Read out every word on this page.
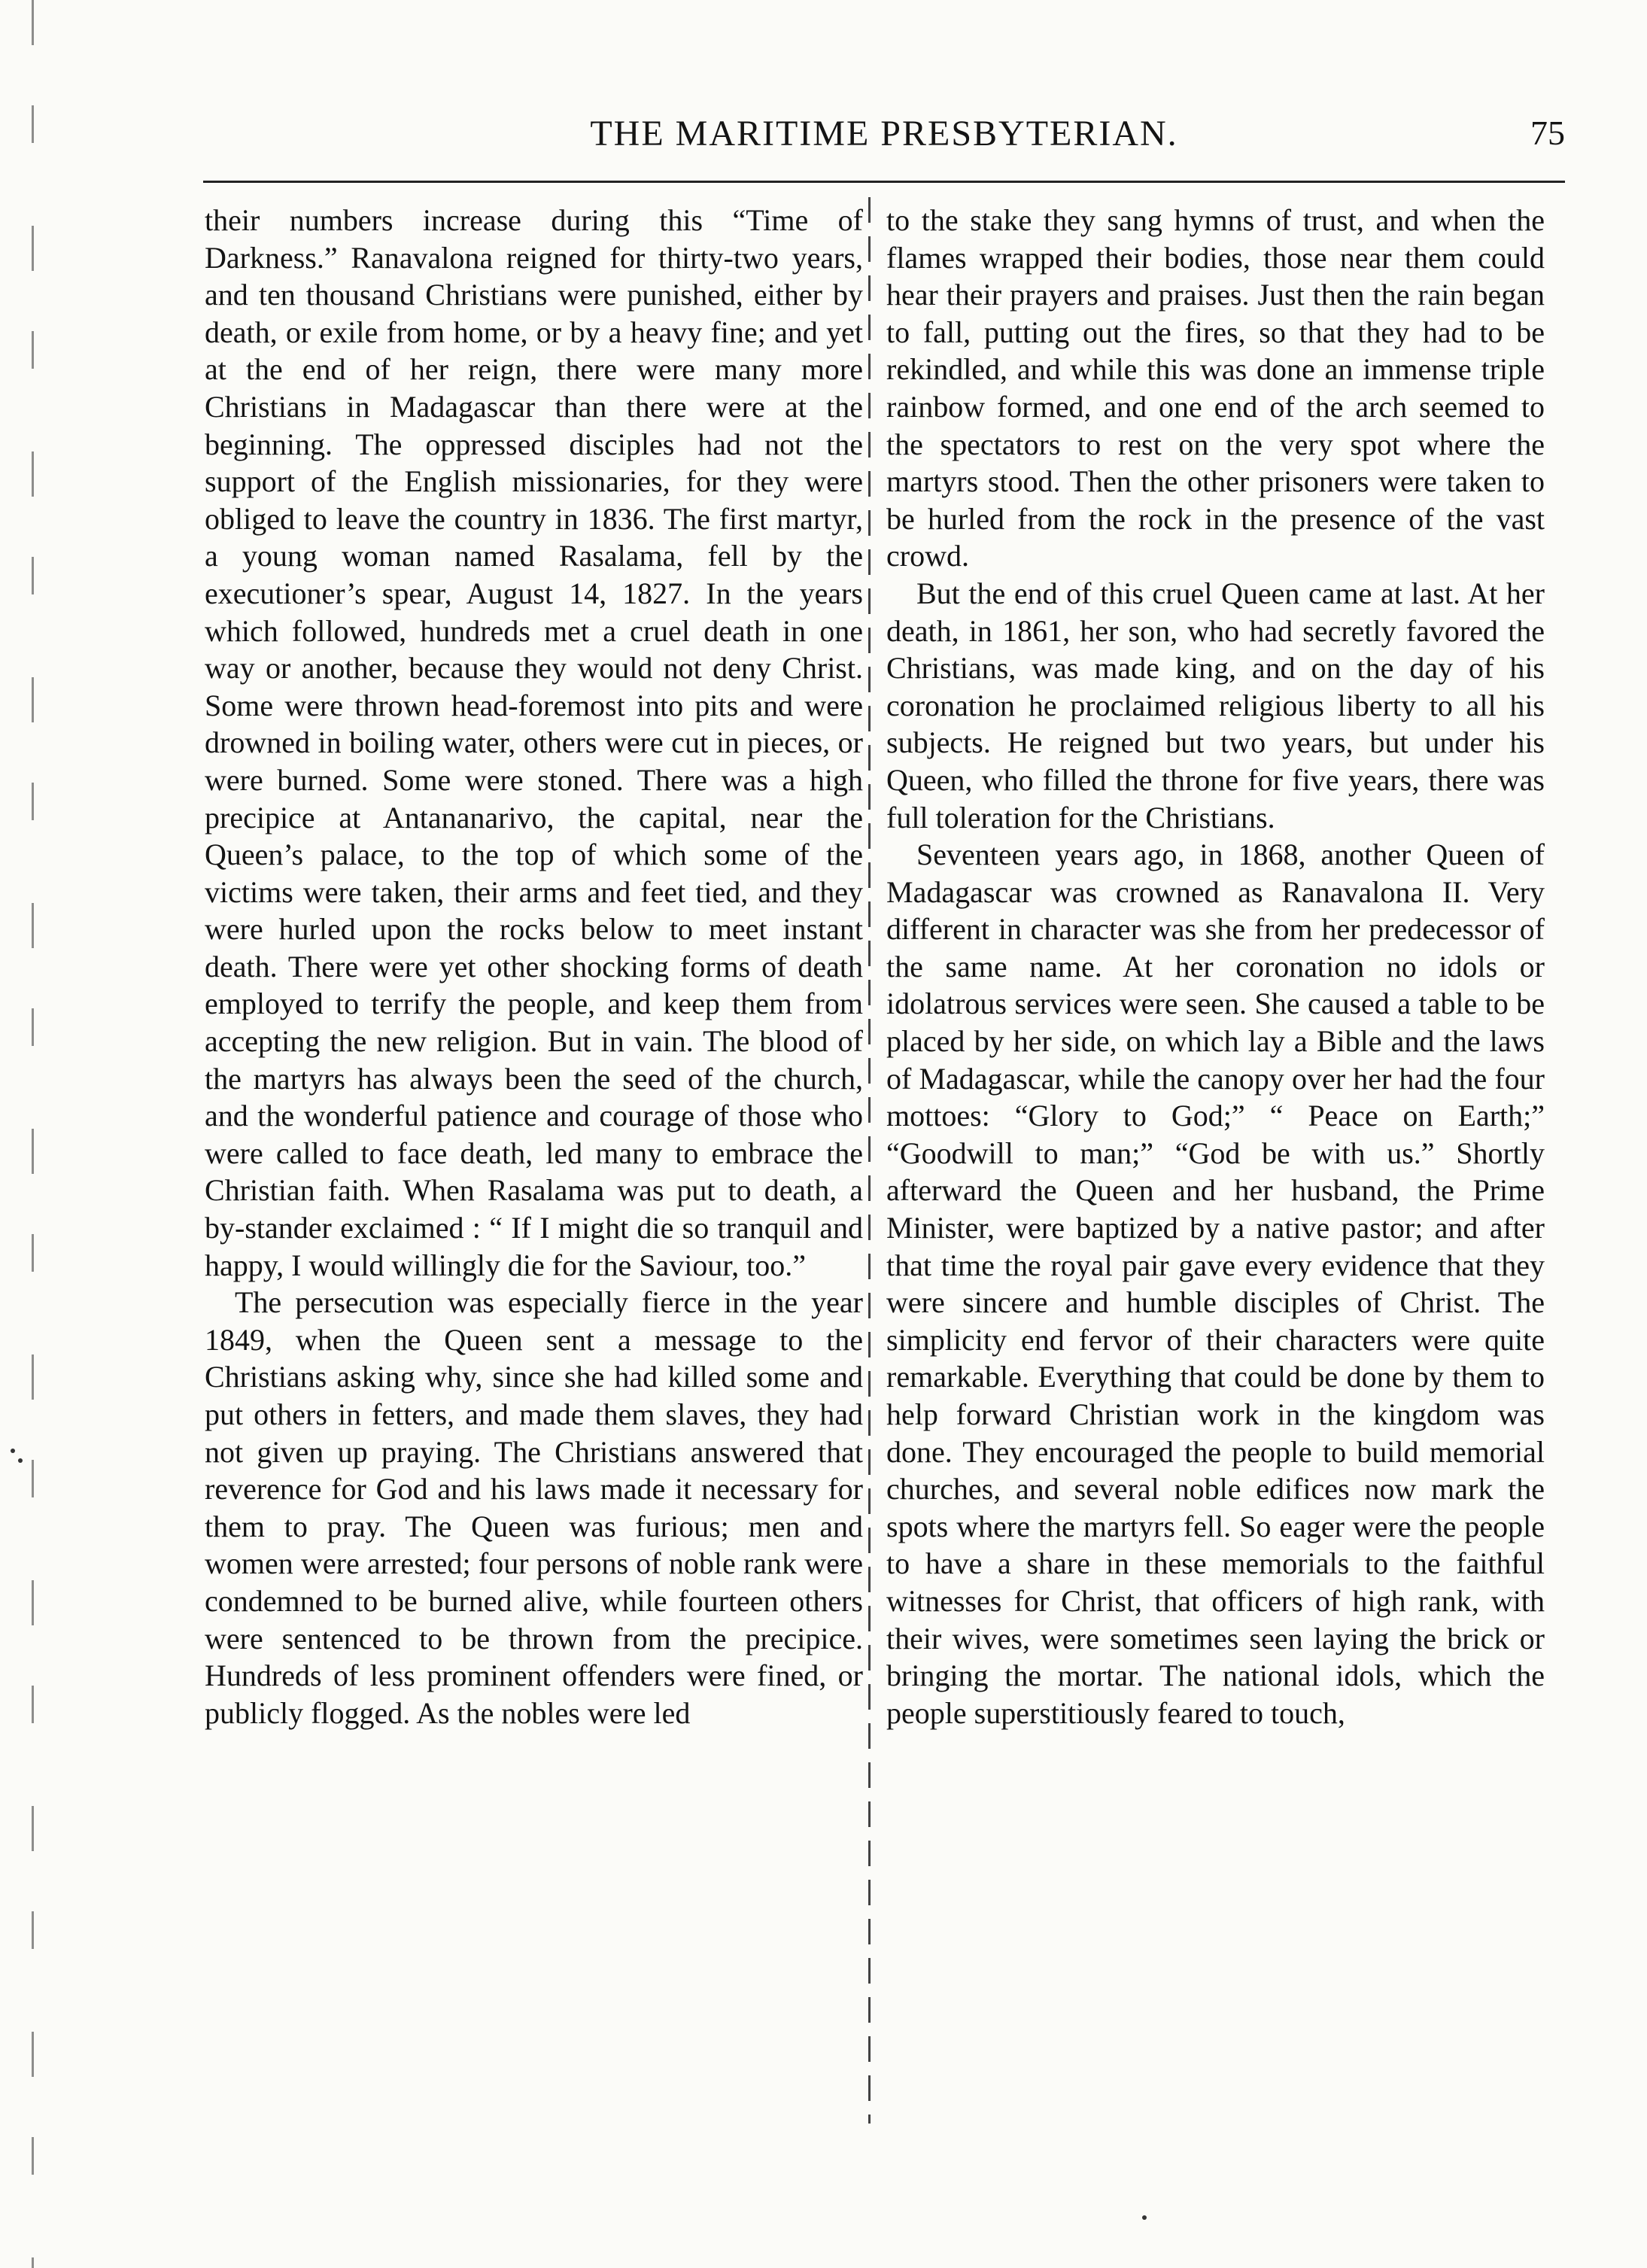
THE MARITIME PRESBYTERIAN.	75

their numbers increase during this “Time of Darkness.” Ranavalona reigned for thirty-two years, and ten thousand Christians were punished, either by death, or exile from home, or by a heavy fine; and yet at the end of her reign, there were many more Christians in Madagascar than there were at the beginning. The oppressed disciples had not the support of the English missionaries, for they were obliged to leave the country in 1836. The first martyr, a young woman named Rasalama, fell by the executioner’s spear, August 14, 1827. In the years which followed, hundreds met a cruel death in one way or another, because they would not deny Christ. Some were thrown head-foremost into pits and were drowned in boiling water, others were cut in pieces, or were burned. Some were stoned. There was a high precipice at Antananarivo, the capital, near the Queen’s palace, to the top of which some of the victims were taken, their arms and feet tied, and they were hurled upon the rocks below to meet instant death. There were yet other shocking forms of death employed to terrify the people, and keep them from accepting the new religion. But in vain. The blood of the martyrs has always been the seed of the church, and the wonderful patience and courage of those who were called to face death, led many to embrace the Christian faith. When Rasalama was put to death, a by-stander exclaimed : “ If I might die so tranquil and happy, I would willingly die for the Saviour, too.”

The persecution was especially fierce in the year 1849, when the Queen sent a message to the Christians asking why, since she had killed some and put others in fetters, and made them slaves, they had not given up praying. The Christians answered that reverence for God and his laws made it necessary for them to pray. The Queen was furious; men and women were arrested; four persons of noble rank were condemned to be burned alive, while fourteen others were sentenced to be thrown from the precipice. Hundreds of less prominent offenders were fined, or publicly flogged. As the nobles were led

to the stake they sang hymns of trust, and when the flames wrapped their bodies, those near them could hear their prayers and praises. Just then the rain began to fall, putting out the fires, so that they had to be rekindled, and while this was done an immense triple rainbow formed, and one end of the arch seemed to the spectators to rest on the very spot where the martyrs stood. Then the other prisoners were taken to be hurled from the rock in the presence of the vast crowd.

But the end of this cruel Queen came at last. At her death, in 1861, her son, who had secretly favored the Christians, was made king, and on the day of his coronation he proclaimed religious liberty to all his subjects. He reigned but two years, but under his Queen, who filled the throne for five years, there was full toleration for the Christians.

Seventeen years ago, in 1868, another Queen of Madagascar was crowned as Ranavalona II. Very different in character was she from her predecessor of the same name. At her coronation no idols or idolatrous services were seen. She caused a table to be placed by her side, on which lay a Bible and the laws of Madagascar, while the canopy over her had the four mottoes: “Glory to God;” “ Peace on Earth;” “Goodwill to man;” “God be with us.” Shortly afterward the Queen and her husband, the Prime Minister, were baptized by a native pastor; and after that time the royal pair gave every evidence that they were sincere and humble disciples of Christ. The simplicity end fervor of their characters were quite remarkable. Everything that could be done by them to help forward Christian work in the kingdom was done. They encouraged the people to build memorial churches, and several noble edifices now mark the spots where the martyrs fell. So eager were the people to have a share in these memorials to the faithful witnesses for Christ, that officers of high rank, with their wives, were sometimes seen laying the brick or bringing the mortar. The national idols, which the people superstitiously feared to touch,
